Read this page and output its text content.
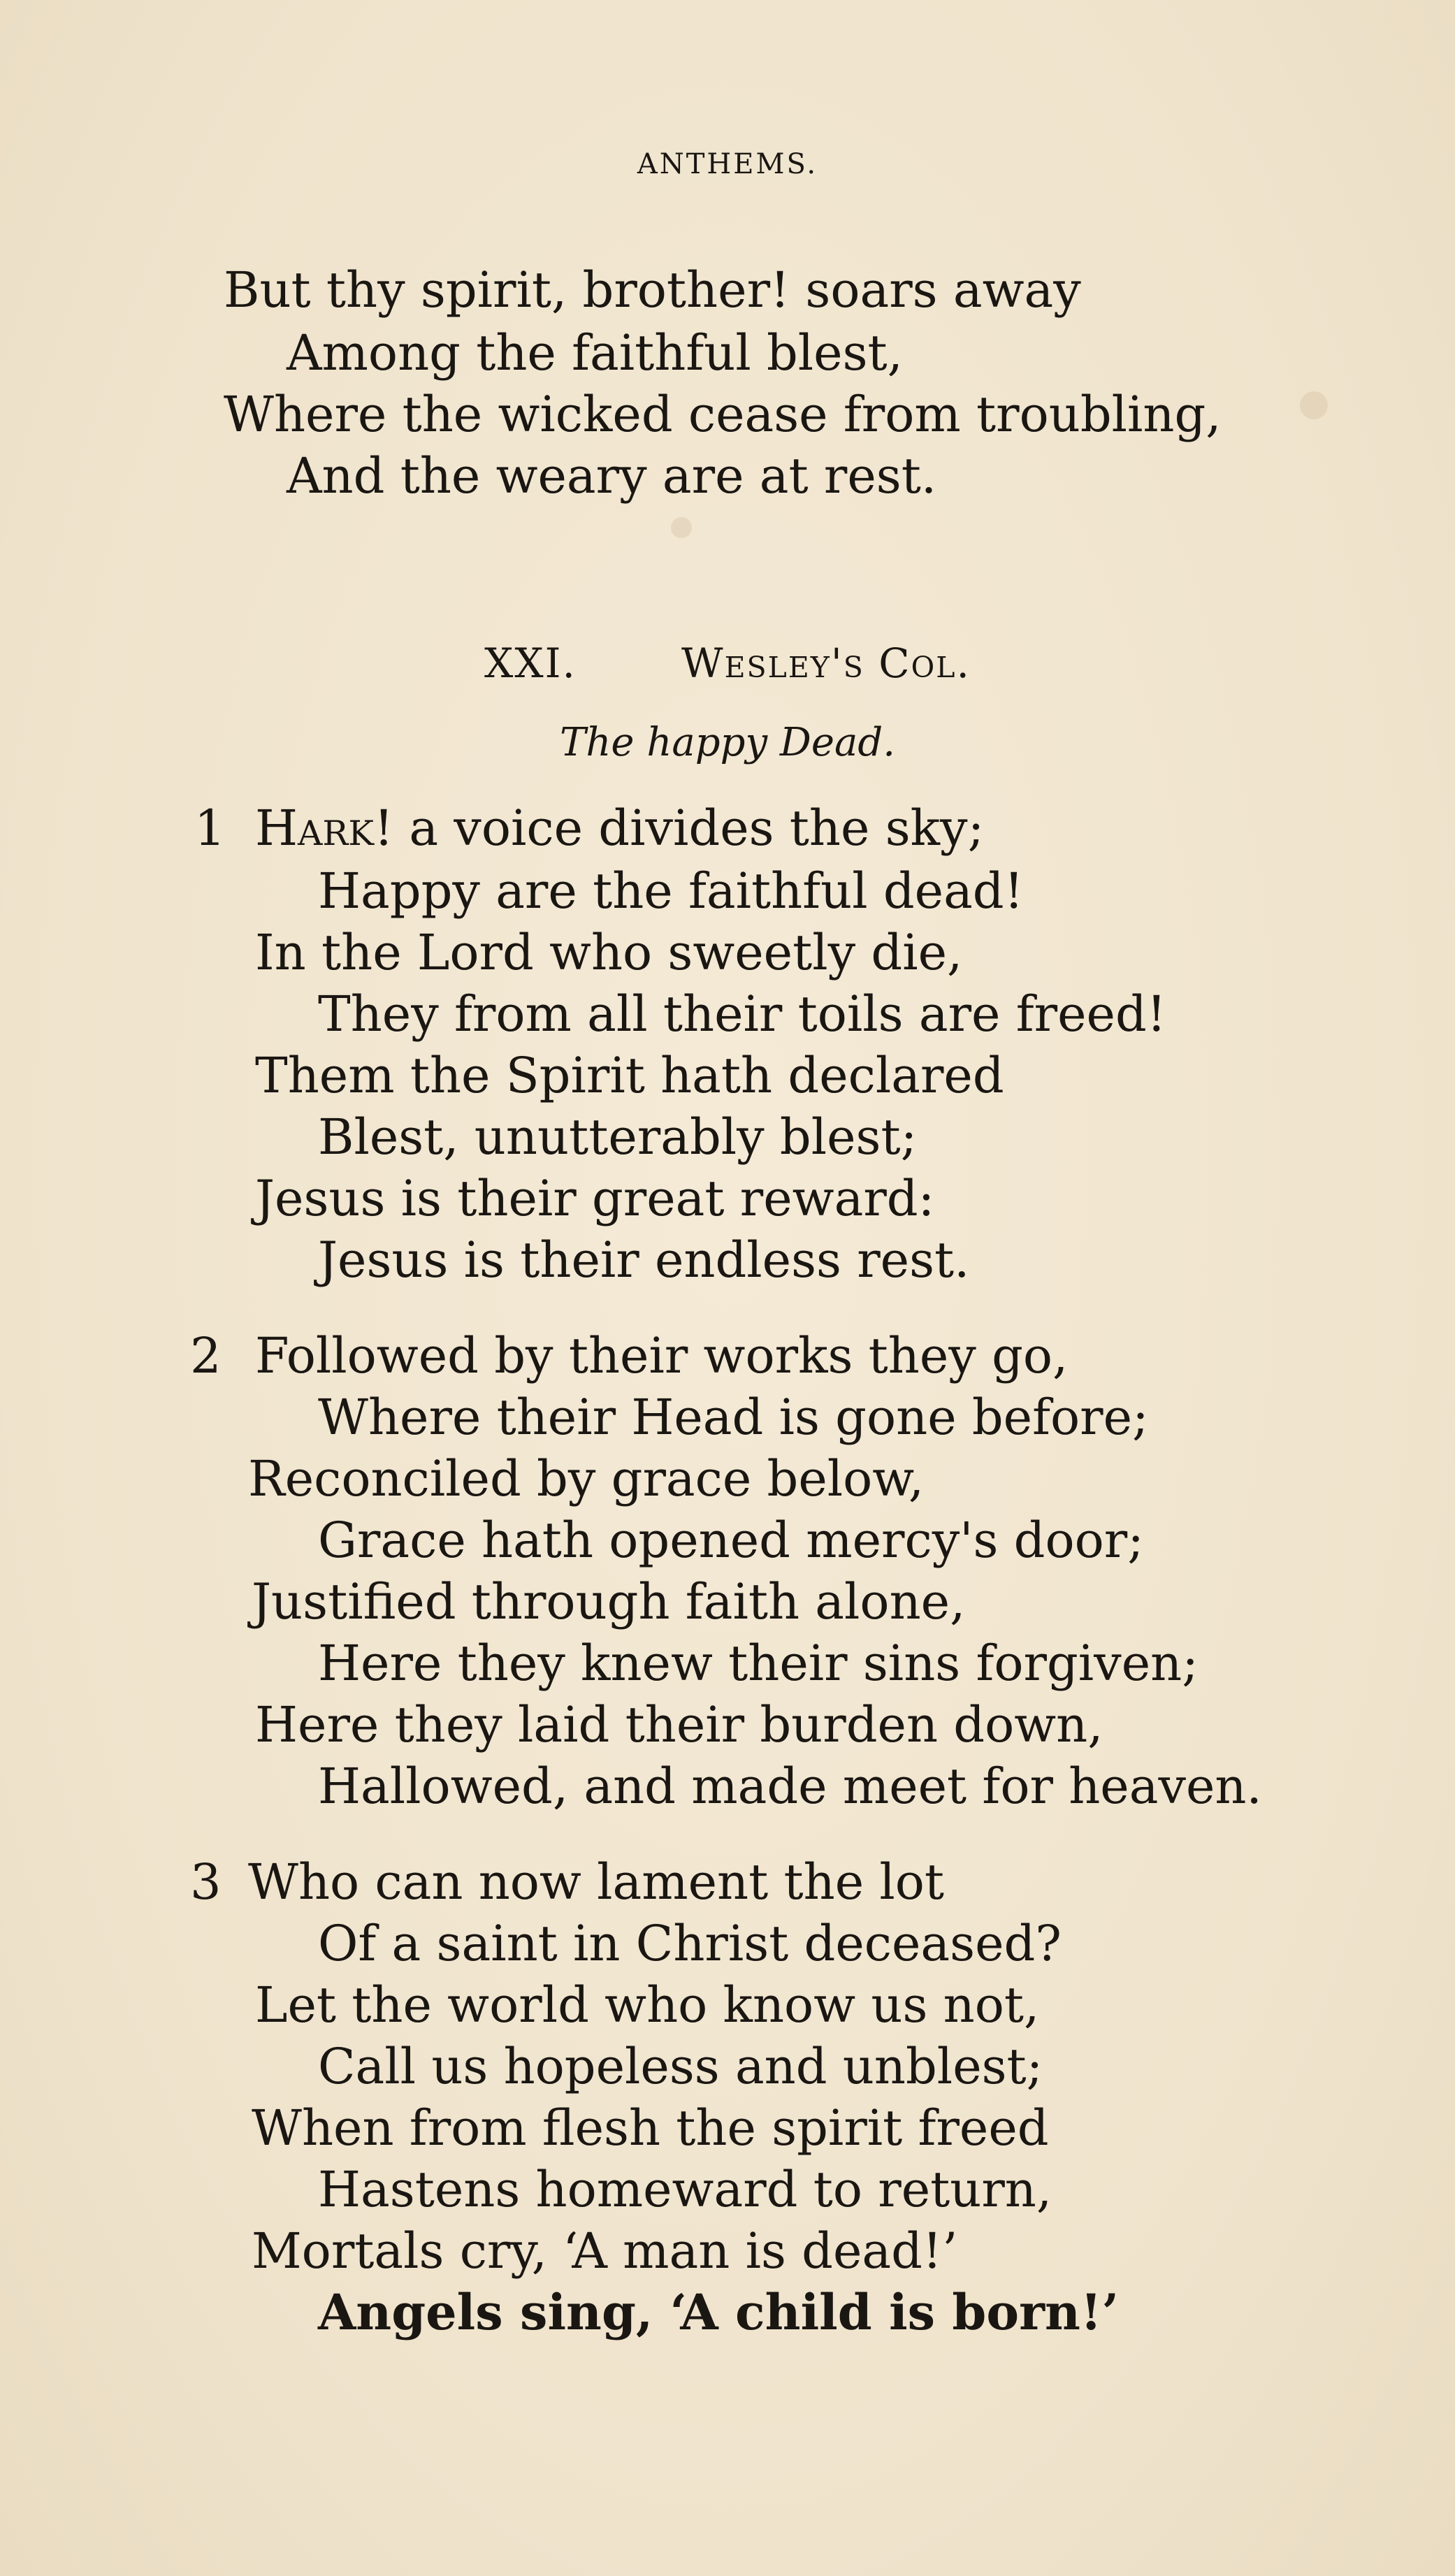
ANTHEMS.
But thy spirit, brother! soars away
Among the faithful blest,
Where the wicked cease from troubling,
And the weary are at rest.
XXI.	Wesley's Col.
The happy Dead.
1 Hark! a voice divides the sky;
Happy are the faithful dead!
In the Lord who sweetly die,
They from all their toils are freed!
Them the Spirit hath declared
Blest, unutterably blest;
Jesus is their great reward:
Jesus is their endless rest.
2 Followed by their works they go,
Where their Head is gone before;
Reconciled by grace below,
Grace hath opened mercy's door;
Justified through faith alone,
Here they knew their sins forgiven;
Here they laid their burden down,
Hallowed, and made meet for heaven.
3 Who can now lament the lot
Of a saint in Christ deceased?
Let the world who know us not,
Call us hopeless and unblest;
When from flesh the spirit freed
Hastens homeward to return,
Mortals cry, ‘A man is dead!’
Angels sing, ‘A child is born!’
